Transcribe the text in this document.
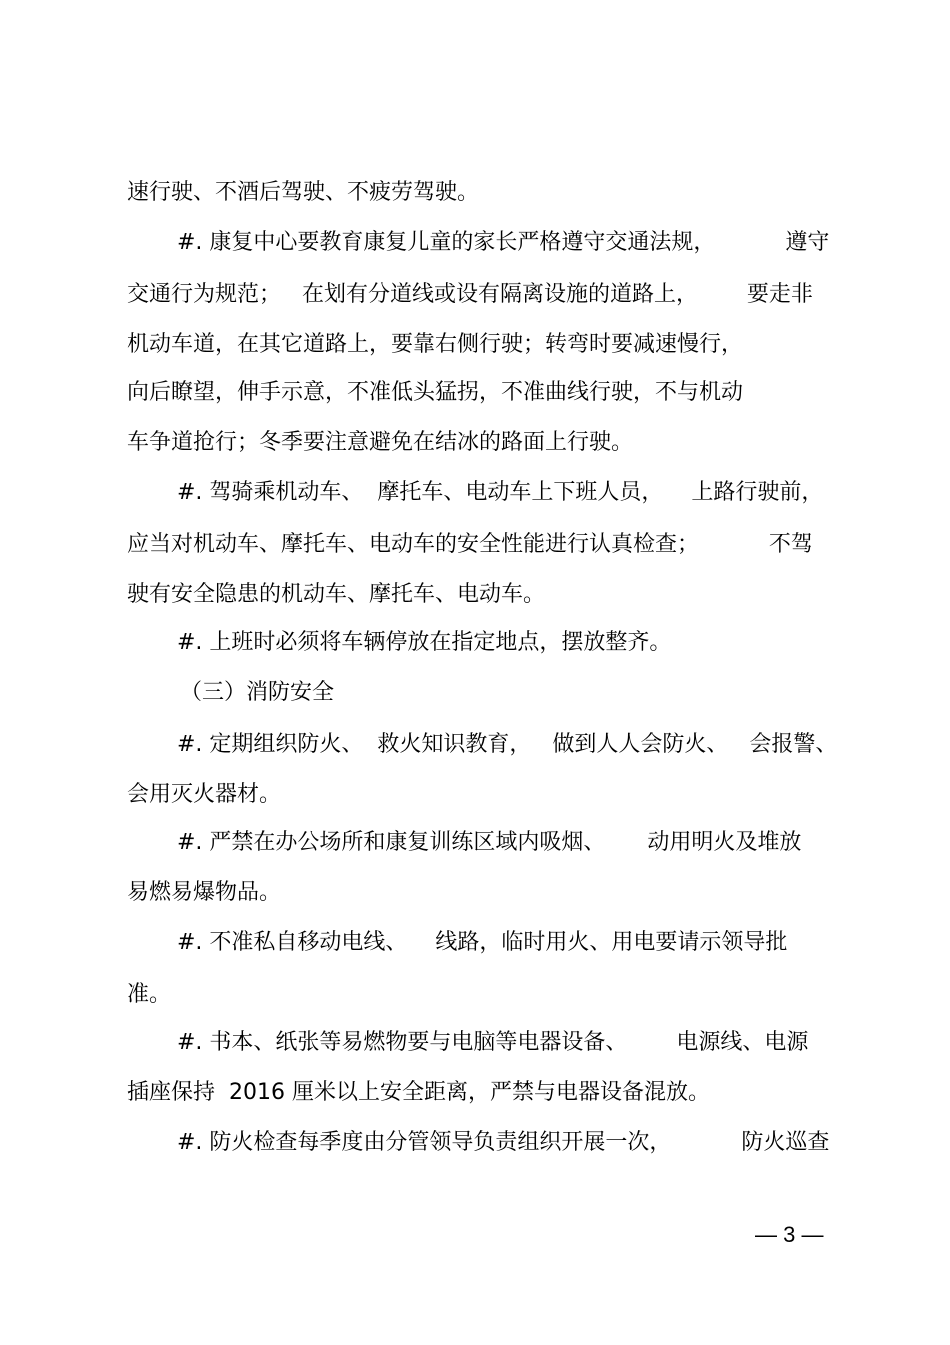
速行驶、不酒后驾驶、不疲劳驾驶。
#. 康复中心要教育康复儿童的家长严格遵守交通法规，          遵守
交通行为规范；   在划有分道线或设有隔离设施的道路上，       要走非
机动车道，在其它道路上，要靠右侧行驶；转弯时要减速慢行，
向后瞭望，伸手示意，不准低头猛拐，不准曲线行驶，不与机动
车争道抢行；冬季要注意避免在结冰的路面上行驶。
#. 驾骑乘机动车、  摩托车、电动车上下班人员，    上路行驶前，
应当对机动车、摩托车、电动车的安全性能进行认真检查；          不驾
驶有安全隐患的机动车、摩托车、电动车。
#. 上班时必须将车辆停放在指定地点，摆放整齐。
（三）消防安全
#. 定期组织防火、  救火知识教育，   做到人人会防火、   会报警、
会用灭火器材。
#. 严禁在办公场所和康复训练区域内吸烟、      动用明火及堆放
易燃易爆物品。
#. 不准私自移动电线、    线路，临时用火、用电要请示领导批
准。
#. 书本、纸张等易燃物要与电脑等电器设备、       电源线、电源
插座保持  2016 厘米以上安全距离，严禁与电器设备混放。
#. 防火检查每季度由分管领导负责组织开展一次，          防火巡查
— 3 —
